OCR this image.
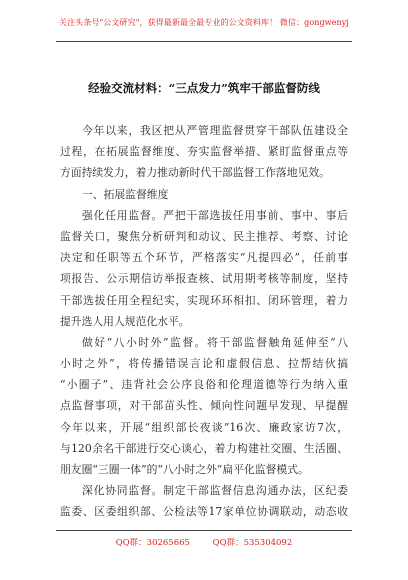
关注头条号"公文研究"，获得最新最全最专业的公文资料库！ 微信：gongwenyj
经验交流材料：“三点发力”筑牢干部监督防线
今年以来，我区把从严管理监督贯穿干部队伍建设全
过程，在拓展监督维度、夯实监督举措、紧盯监督重点等
方面持续发力，着力推动新时代干部监督工作落地见效。
一、拓展监督维度
强化任用监督。严把干部选拔任用事前、事中、事后
监督关口，聚焦分析研判和动议、民主推荐、考察、讨论
决定和任职等五个环节，严格落实“凡提四必”，任前事
项报告、公示期信访举报查核、试用期考核等制度，坚持
干部选拔任用全程纪实，实现环环相扣、闭环管理，着力
提升选人用人规范化水平。
做好“八小时外”监督。将干部监督触角延伸至“八
小时之外”，将传播错误言论和虚假信息、拉帮结伙搞
“小圈子”、违背社会公序良俗和伦理道德等行为纳入重
点监督事项，对干部苗头性、倾向性问题早发现、早提醒
今年以来，开展“组织部长夜谈”16次、廉政家访7次，
与120余名干部进行交心谈心，着力构建社交圈、生活圈、
朋友圈“三圈一体”的“八小时之外”扁平化监督模式。
深化协同监督。制定干部监督信息沟通办法，区纪委
监委、区委组织部、公检法等17家单位协调联动，动态收
QQ群：30265665	QQ群：535304092
